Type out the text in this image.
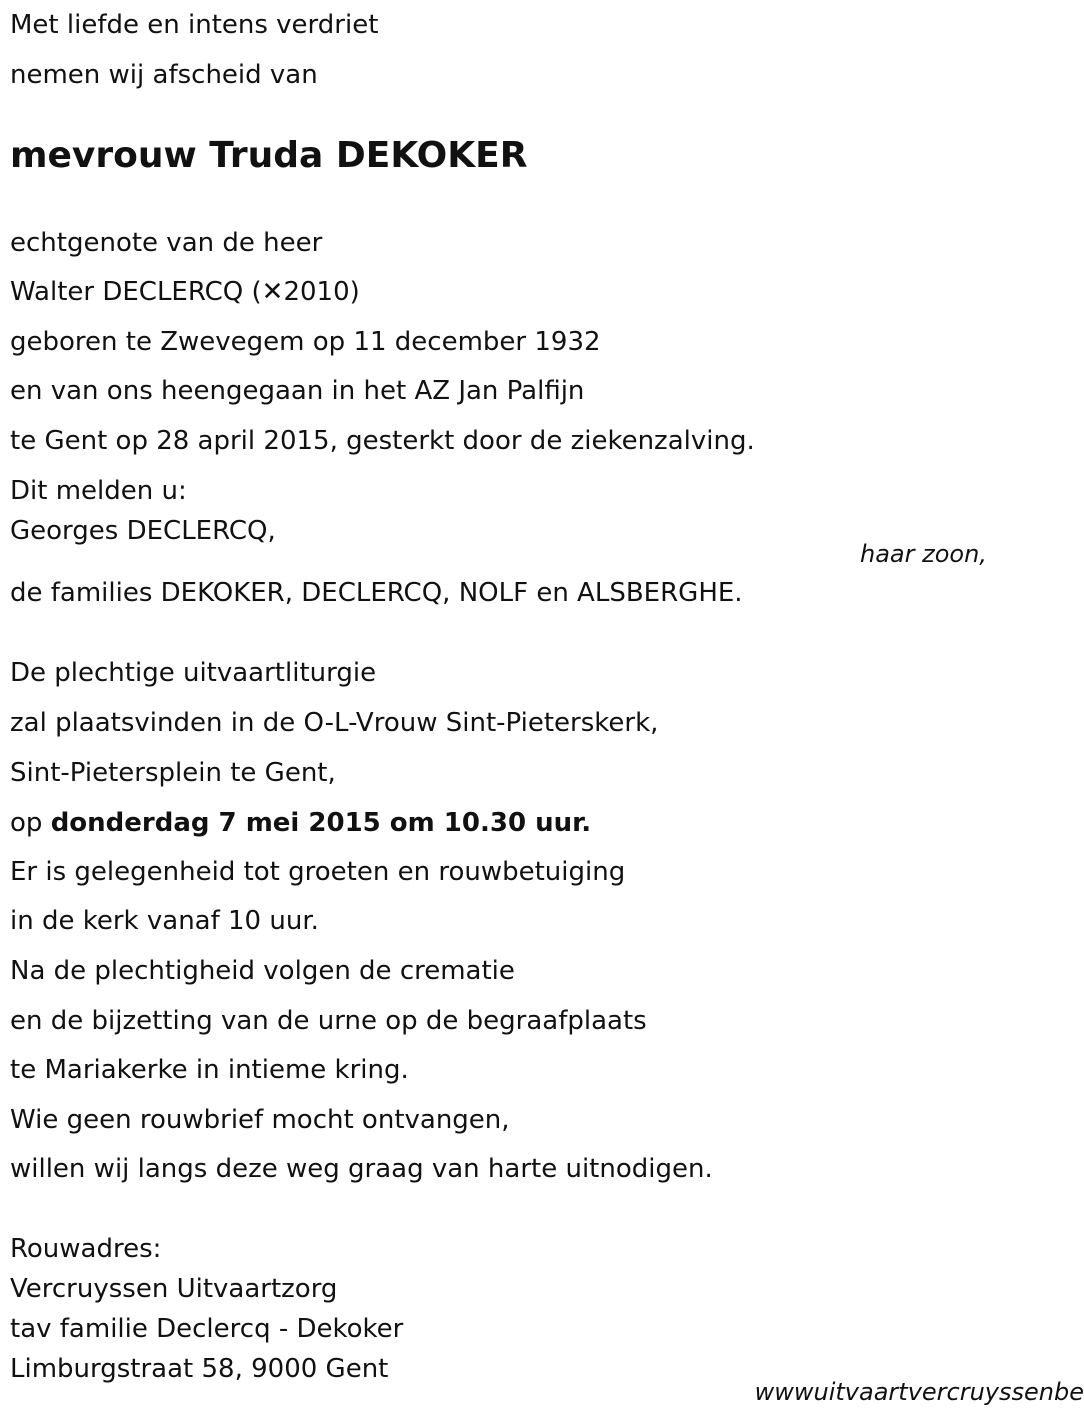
Met liefde en intens verdriet

nemen wij afscheid van

mevrouw Truda DEKOKER

echtgenote van de heer

Walter DECLERCQ (✕2010)

geboren te Zwevegem op 11 december 1932

en van ons heengegaan in het AZ Jan Palfijn

te Gent op 28 april 2015, gesterkt door de ziekenzalving.

Dit melden u:

Georges DECLERCQ,

haar zoon,

de families DEKOKER, DECLERCQ, NOLF en ALSBERGHE.

De plechtige uitvaartliturgie

zal plaatsvinden in de O-L-Vrouw Sint-Pieterskerk,

Sint-Pietersplein te Gent,

op donderdag 7 mei 2015 om 10.30 uur.

Er is gelegenheid tot groeten en rouwbetuiging

in de kerk vanaf 10 uur.

Na de plechtigheid volgen de crematie

en de bijzetting van de urne op de begraafplaats

te Mariakerke in intieme kring.

Wie geen rouwbrief mocht ontvangen,

willen wij langs deze weg graag van harte uitnodigen.

Rouwadres:

Vercruyssen Uitvaartzorg

tav familie Declercq - Dekoker

Limburgstraat 58, 9000 Gent

wwwuitvaartvercruyssenbe
